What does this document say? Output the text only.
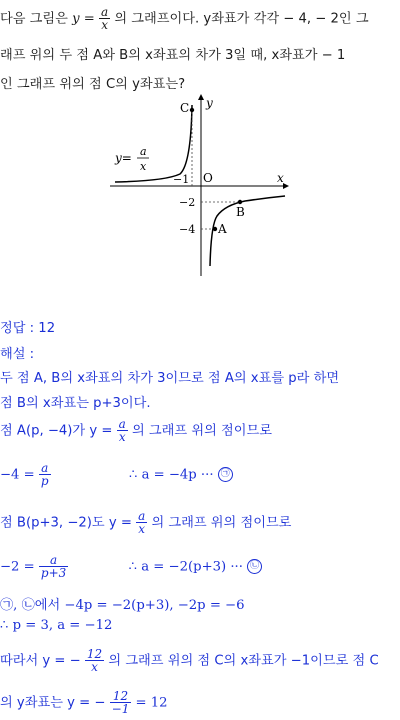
다음 그림은 $y = \frac{a}{x}$ 의 그래프이다. y좌표가 각각 − 4, − 2인 그
래프 위의 두 점 A와 B의 x좌표의 차가 3일 때, x좌표가 − 1
인 그래프 위의 점 C의 y좌표는?
C y
x
O
−1
−2
−4 A
B
y= a
x
정답 : 12
해설 :
두 점 A, B의 x좌표의 차가 3이므로 점 A의 x표를 p라 하면
점 B의 x좌표는 p+3이다.
점 A(p, −4)가 $y = \frac{a}{x}$ 의 그래프 위의 점이므로
$-4 = \frac{a}{p}$	∴ a = −4p ··· ㉠
점 B(p+3, −2)도 $y = \frac{a}{x}$ 의 그래프 위의 점이므로
$-2 = \frac{a}{p+3}$	∴ a = −2(p+3) ··· ㉡
㉠, ㉡에서 −4p = −2(p+3), −2p = −6
∴ p = 3, a = −12
따라서 y = − $\frac{12}{x}$ 의 그래프 위의 점 C의 x좌표가 −1이므로 점 C
의 y좌표는 y = − $\frac{12}{-1} = 12$
